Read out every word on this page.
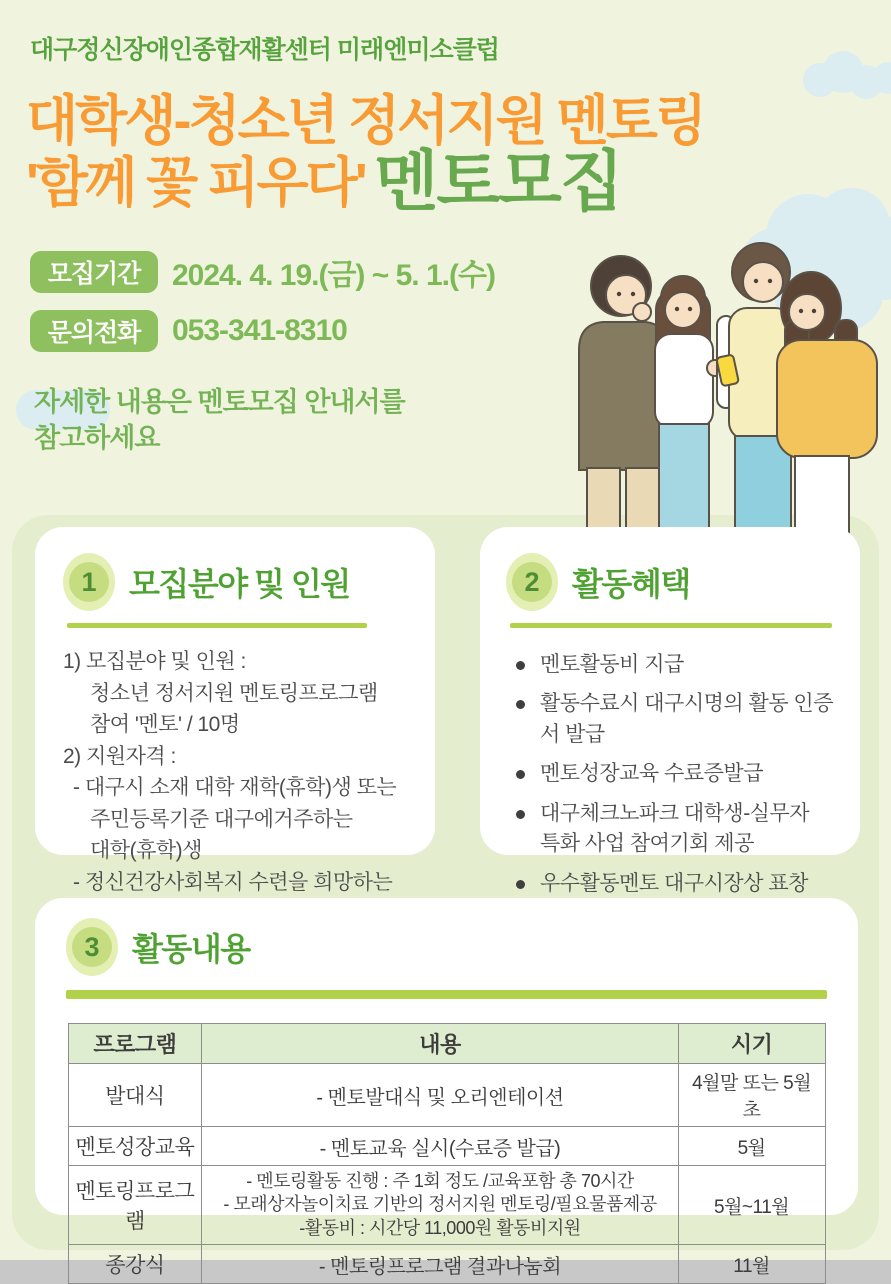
대구정신장애인종합재활센터 미래엔미소클럽
대학생-청소년 정서지원 멘토링
'함께 꽃 피우다' 멘토모집
모집기간	2024. 4. 19.(금) ~ 5. 1.(수)
문의전화	053-341-8310
자세한 내용은 멘토모집 안내서를
참고하세요
1	모집분야 및 인원
1) 모집분야 및 인원 :
청소년 정서지원 멘토링프로그램
참여 '멘토' / 10명
2) 지원자격 :
- 대구시 소재 대학 재학(휴학)생 또는
주민등록기준 대구에거주하는
대학(휴학)생
- 정신건강사회복지 수련을 희망하는
2	활동혜택
멘토활동비 지급
활동수료시 대구시명의 활동 인증서 발급
멘토성장교육 수료증발급
대구체크노파크 대학생-실무자 특화 사업 참여기회 제공
우수활동멘토 대구시장상 표창
3	활동내용
프로그램	내용	시기
발대식	- 멘토발대식 및 오리엔테이션	4월말 또는 5월초
멘토성장교육	- 멘토교육 실시(수료증 발급)	5월
멘토링프로그램	- 멘토링활동 진행 : 주 1회 정도 /교육포함 총 70시간
- 모래상자놀이치료 기반의 정서지원 멘토링/필요물품제공
-활동비 : 시간당 11,000원 활동비지원	5월~11월
종강식	- 멘토링프로그램 결과나눔회	11월
